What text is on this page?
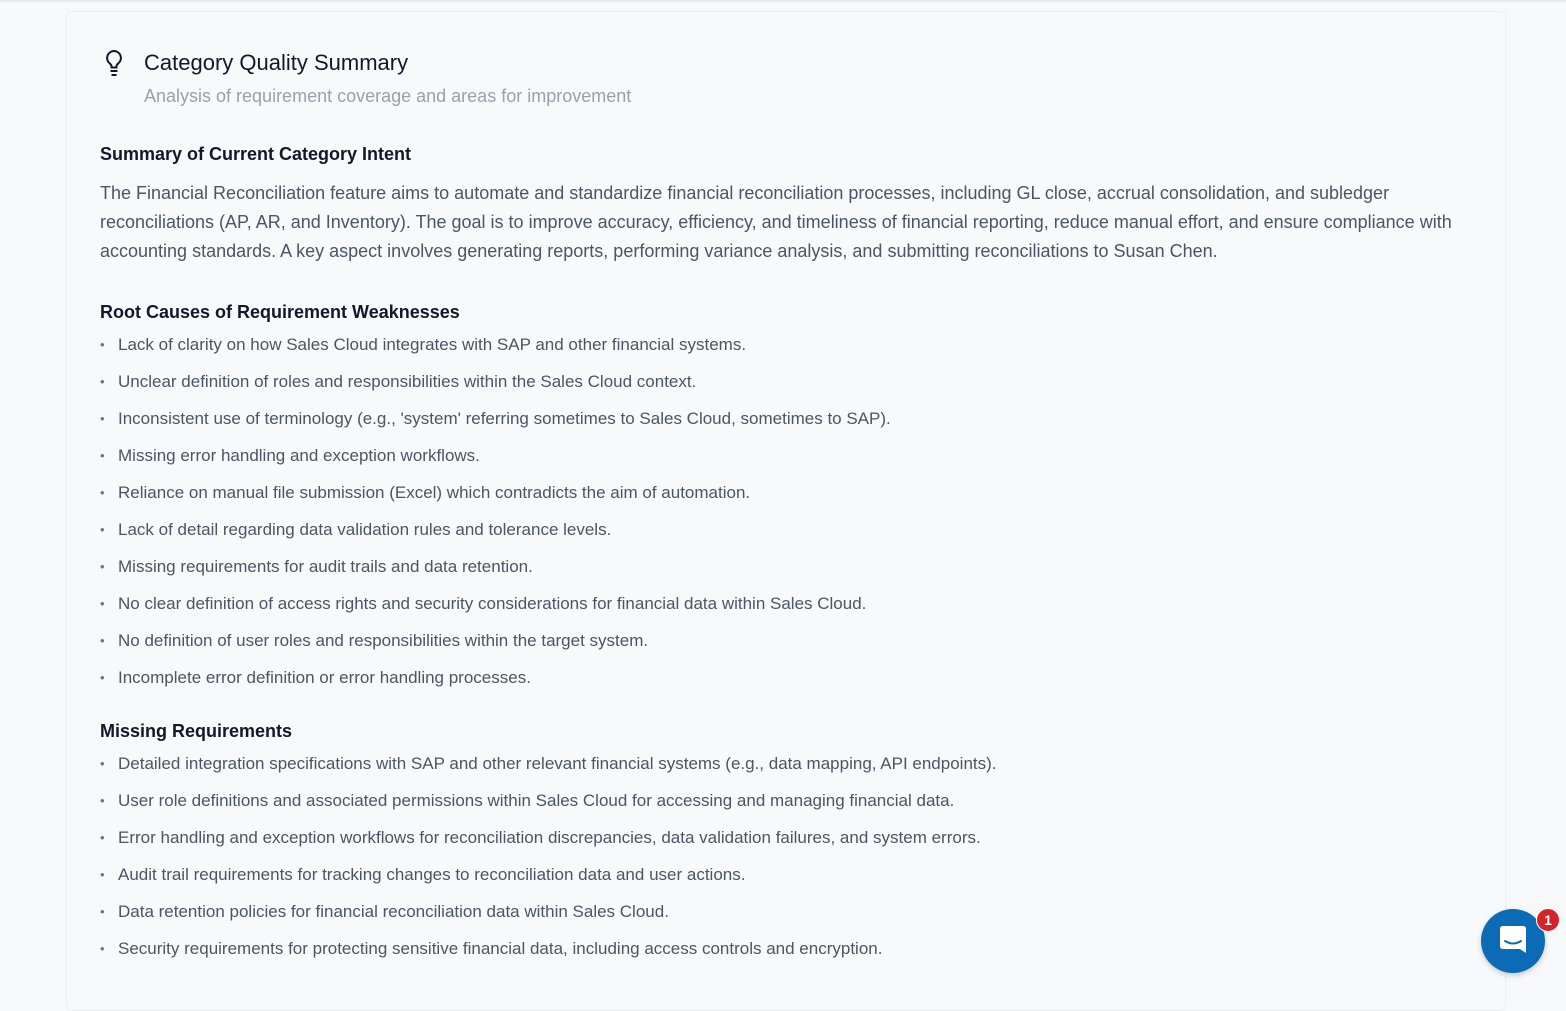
Category Quality Summary
Analysis of requirement coverage and areas for improvement
Summary of Current Category Intent

The Financial Reconciliation feature aims to automate and standardize financial reconciliation processes, including GL close, accrual consolidation, and subledger reconciliations (AP, AR, and Inventory). The goal is to improve accuracy, efficiency, and timeliness of financial reporting, reduce manual effort, and ensure compliance with accounting standards. A key aspect involves generating reports, performing variance analysis, and submitting reconciliations to Susan Chen.

Root Causes of Requirement Weaknesses
• Lack of clarity on how Sales Cloud integrates with SAP and other financial systems.
• Unclear definition of roles and responsibilities within the Sales Cloud context.
• Inconsistent use of terminology (e.g., 'system' referring sometimes to Sales Cloud, sometimes to SAP).
• Missing error handling and exception workflows.
• Reliance on manual file submission (Excel) which contradicts the aim of automation.
• Lack of detail regarding data validation rules and tolerance levels.
• Missing requirements for audit trails and data retention.
• No clear definition of access rights and security considerations for financial data within Sales Cloud.
• No definition of user roles and responsibilities within the target system.
• Incomplete error definition or error handling processes.
Missing Requirements
• Detailed integration specifications with SAP and other relevant financial systems (e.g., data mapping, API endpoints).
• User role definitions and associated permissions within Sales Cloud for accessing and managing financial data.
• Error handling and exception workflows for reconciliation discrepancies, data validation failures, and system errors.
• Audit trail requirements for tracking changes to reconciliation data and user actions.
• Data retention policies for financial reconciliation data within Sales Cloud.
• Security requirements for protecting sensitive financial data, including access controls and encryption.
1
